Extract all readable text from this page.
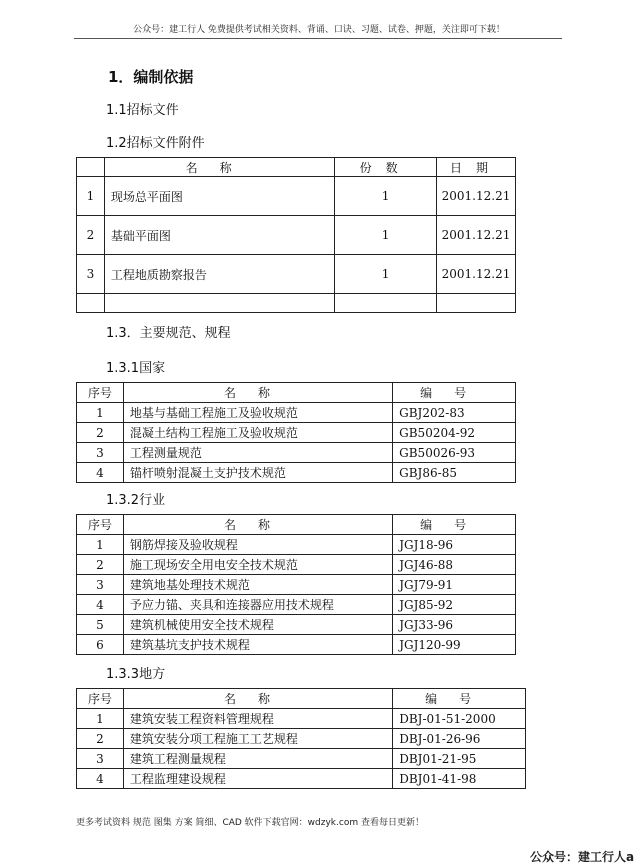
公众号：建工行人 免费提供考试相关资料、背诵、口诀、习题、试卷、押题，关注即可下载！
1．编制依据
1.1招标文件
1.2招标文件附件
	名称	份数	日期
1	现场总平面图	1	2001.12.21
2	基础平面图	1	2001.12.21
3	工程地质勘察报告	1	2001.12.21

1.3．主要规范、规程
1.3.1国家
序号	名称	编号
1	地基与基础工程施工及验收规范	GBJ202-83
2	混凝土结构工程施工及验收规范	GB50204-92
3	工程测量规范	GB50026-93
4	锚杆喷射混凝土支护技术规范	GBJ86-85
1.3.2行业
序号	名称	编号
1	钢筋焊接及验收规程	JGJ18-96
2	施工现场安全用电安全技术规范	JGJ46-88
3	建筑地基处理技术规范	JGJ79-91
4	予应力锚、夹具和连接器应用技术规程	JGJ85-92
5	建筑机械使用安全技术规程	JGJ33-96
6	建筑基坑支护技术规程	JGJ120-99
1.3.3地方
序号	名称	编号
1	建筑安装工程资料管理规程	DBJ-01-51-2000
2	建筑安装分项工程施工工艺规程	DBJ-01-26-96
3	建筑工程测量规程	DBJ01-21-95
4	工程监理建设规程	DBJ01-41-98
更多考试资料 规范 图集 方案 简细、CAD 软件下载官网：wdzyk.com 查看每日更新！
公众号：建工行人a
